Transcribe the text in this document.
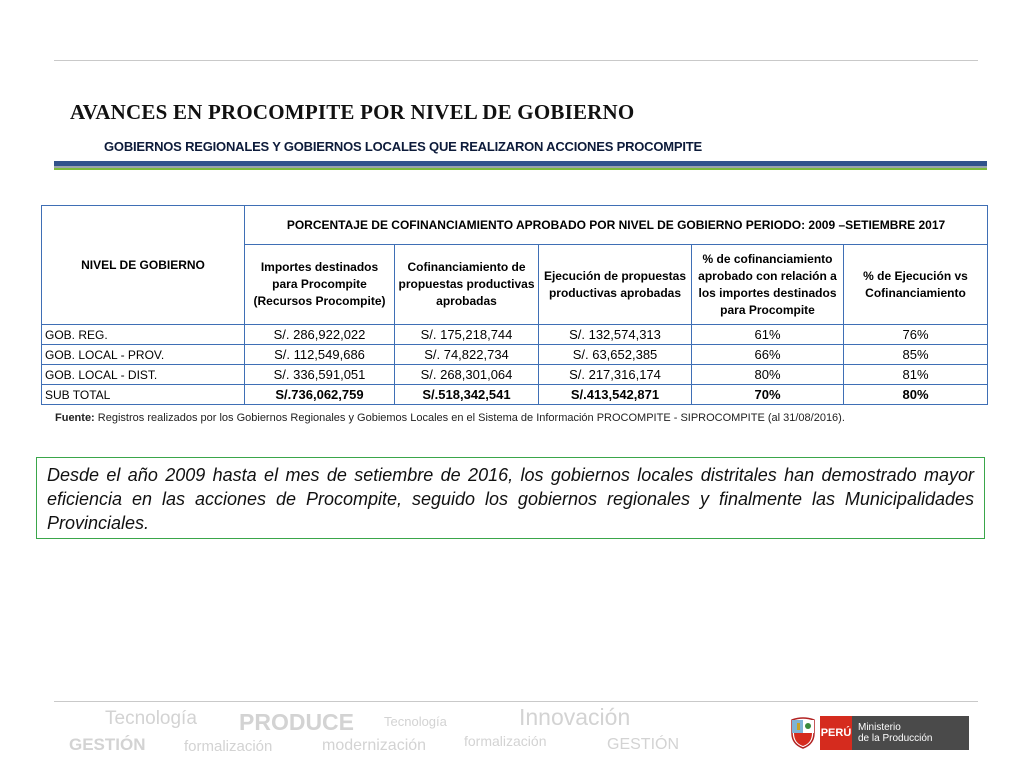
AVANCES EN PROCOMPITE POR NIVEL DE GOBIERNO
GOBIERNOS REGIONALES Y GOBIERNOS LOCALES QUE REALIZARON ACCIONES PROCOMPITE
NIVEL DE GOBIERNO	PORCENTAJE DE COFINANCIAMIENTO APROBADO POR NIVEL DE GOBIERNO PERIODO: 2009 –SETIEMBRE 2017				
	Importes destinados para Procompite (Recursos Procompite)	Cofinanciamiento de propuestas productivas aprobadas	Ejecución de propuestas productivas aprobadas	% de cofinanciamiento aprobado con relación a los importes destinados para Procompite	% de Ejecución vs Cofinanciamiento
GOB. REG.	S/. 286,922,022	S/. 175,218,744	S/. 132,574,313	61%	76%
GOB. LOCAL - PROV.	S/. 112,549,686	S/. 74,822,734	S/. 63,652,385	66%	85%
GOB. LOCAL - DIST.	S/. 336,591,051	S/. 268,301,064	S/. 217,316,174	80%	81%
SUB TOTAL	S/.736,062,759	S/.518,342,541	S/.413,542,871	70%	80%
Fuente: Registros realizados por los Gobiernos Regionales y Gobiemos Locales en el Sistema de Información PROCOMPITE - SIPROCOMPITE (al 31/08/2016).
Desde el año 2009 hasta el mes de setiembre de 2016, los gobiernos locales distritales han demostrado mayor eficiencia en las acciones de Procompite, seguido los gobiernos regionales y finalmente las Municipalidades Provinciales.
Tecnología PRODUCE Tecnología	Innovación
GESTIÓN	formalización	modernización	formalización	GESTIÓN
PERÚ Ministerio
de la Producción
